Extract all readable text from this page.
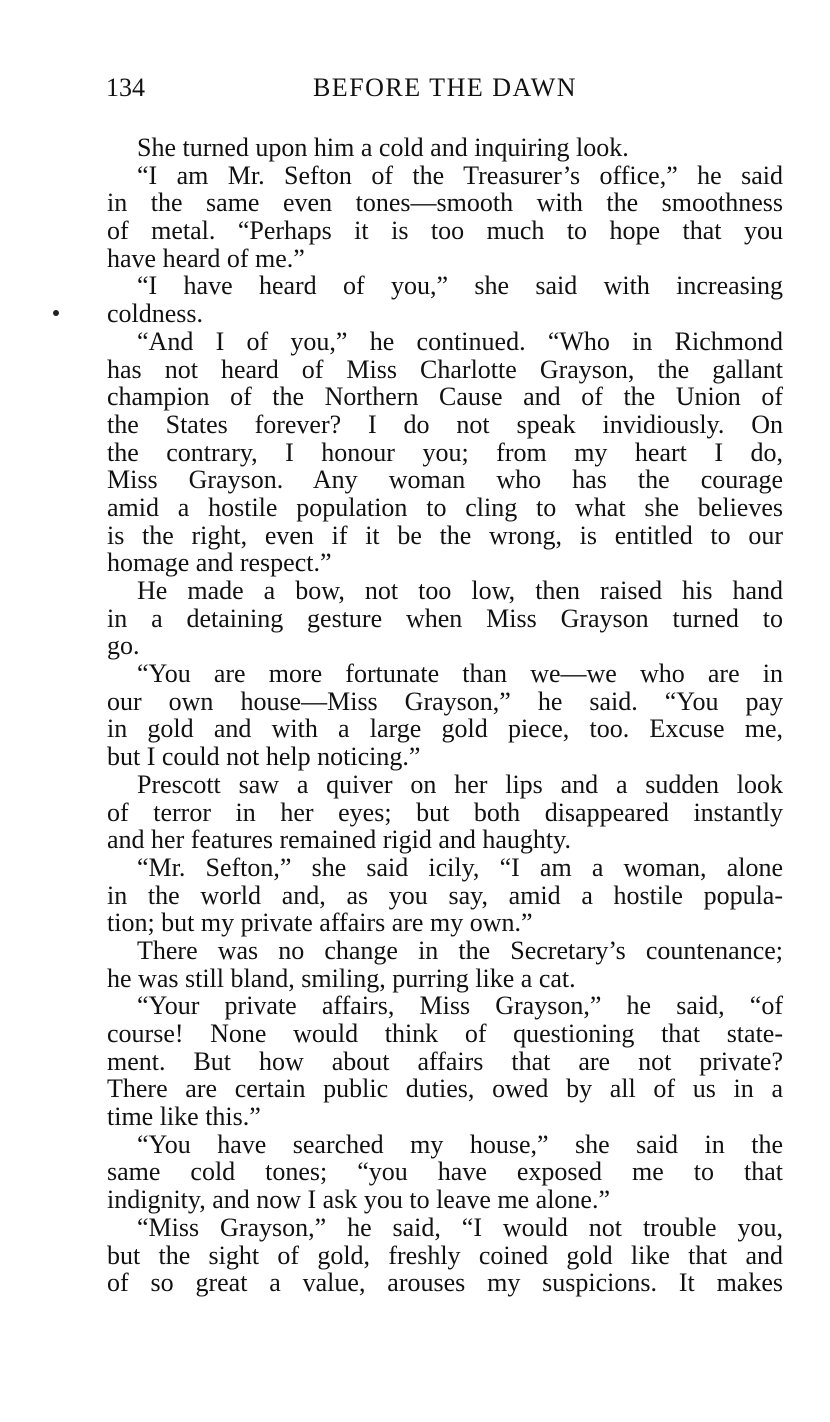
134	BEFORE THE DAWN
She turned upon him a cold and inquiring look.
“I am Mr. Sefton of the Treasurer’s office,” he said
in the same even tones—smooth with the smoothness
of metal. “Perhaps it is too much to hope that you
have heard of me.”
“I have heard of you,” she said with increasing
coldness.
“And I of you,” he continued. “Who in Richmond
has not heard of Miss Charlotte Grayson, the gallant
champion of the Northern Cause and of the Union of
the States forever? I do not speak invidiously. On
the contrary, I honour you; from my heart I do,
Miss Grayson. Any woman who has the courage
amid a hostile population to cling to what she believes
is the right, even if it be the wrong, is entitled to our
homage and respect.”
He made a bow, not too low, then raised his hand
in a detaining gesture when Miss Grayson turned to
go.
“You are more fortunate than we—we who are in
our own house—Miss Grayson,” he said. “You pay
in gold and with a large gold piece, too. Excuse me,
but I could not help noticing.”
Prescott saw a quiver on her lips and a sudden look
of terror in her eyes; but both disappeared instantly
and her features remained rigid and haughty.
“Mr. Sefton,” she said icily, “I am a woman, alone
in the world and, as you say, amid a hostile popula-
tion; but my private affairs are my own.”
There was no change in the Secretary’s countenance;
he was still bland, smiling, purring like a cat.
“Your private affairs, Miss Grayson,” he said, “of
course! None would think of questioning that state-
ment. But how about affairs that are not private?
There are certain public duties, owed by all of us in a
time like this.”
“You have searched my house,” she said in the
same cold tones; “you have exposed me to that
indignity, and now I ask you to leave me alone.”
“Miss Grayson,” he said, “I would not trouble you,
but the sight of gold, freshly coined gold like that and
of so great a value, arouses my suspicions. It makes
